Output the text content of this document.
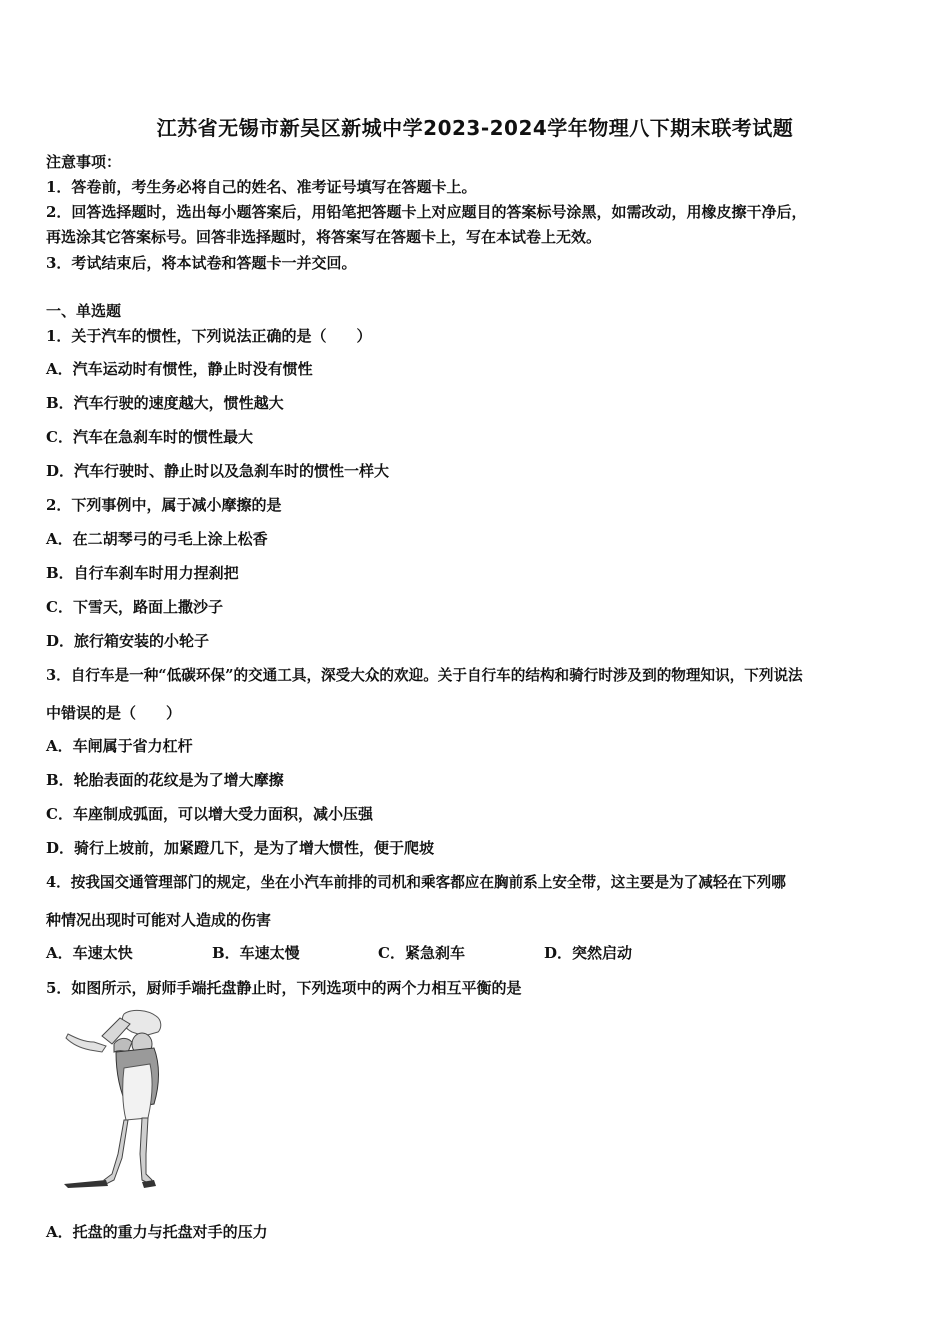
江苏省无锡市新吴区新城中学2023-2024学年物理八下期末联考试题
注意事项：
1．答卷前，考生务必将自己的姓名、准考证号填写在答题卡上。
2．回答选择题时，选出每小题答案后，用铅笔把答题卡上对应题目的答案标号涂黑，如需改动，用橡皮擦干净后，
再选涂其它答案标号。回答非选择题时，将答案写在答题卡上，写在本试卷上无效。
3．考试结束后，将本试卷和答题卡一并交回。
一、单选题
1．关于汽车的惯性，下列说法正确的是（　　）
A．汽车运动时有惯性，静止时没有惯性
B．汽车行驶的速度越大，惯性越大
C．汽车在急刹车时的惯性最大
D．汽车行驶时、静止时以及急刹车时的惯性一样大
2．下列事例中，属于减小摩擦的是
A．在二胡琴弓的弓毛上涂上松香
B．自行车刹车时用力捏刹把
C．下雪天，路面上撒沙子
D．旅行箱安装的小轮子
3．自行车是一种“低碳环保”的交通工具，深受大众的欢迎。关于自行车的结构和骑行时涉及到的物理知识，下列说法
中错误的是（　　）
A．车闸属于省力杠杆
B．轮胎表面的花纹是为了增大摩擦
C．车座制成弧面，可以增大受力面积，减小压强
D．骑行上坡前，加紧蹬几下，是为了增大惯性，便于爬坡
4．按我国交通管理部门的规定，坐在小汽车前排的司机和乘客都应在胸前系上安全带，这主要是为了减轻在下列哪
种情况出现时可能对人造成的伤害
A．车速太快	B．车速太慢	C．紧急刹车	D．突然启动
5．如图所示，厨师手端托盘静止时，下列选项中的两个力相互平衡的是
A．托盘的重力与托盘对手的压力
